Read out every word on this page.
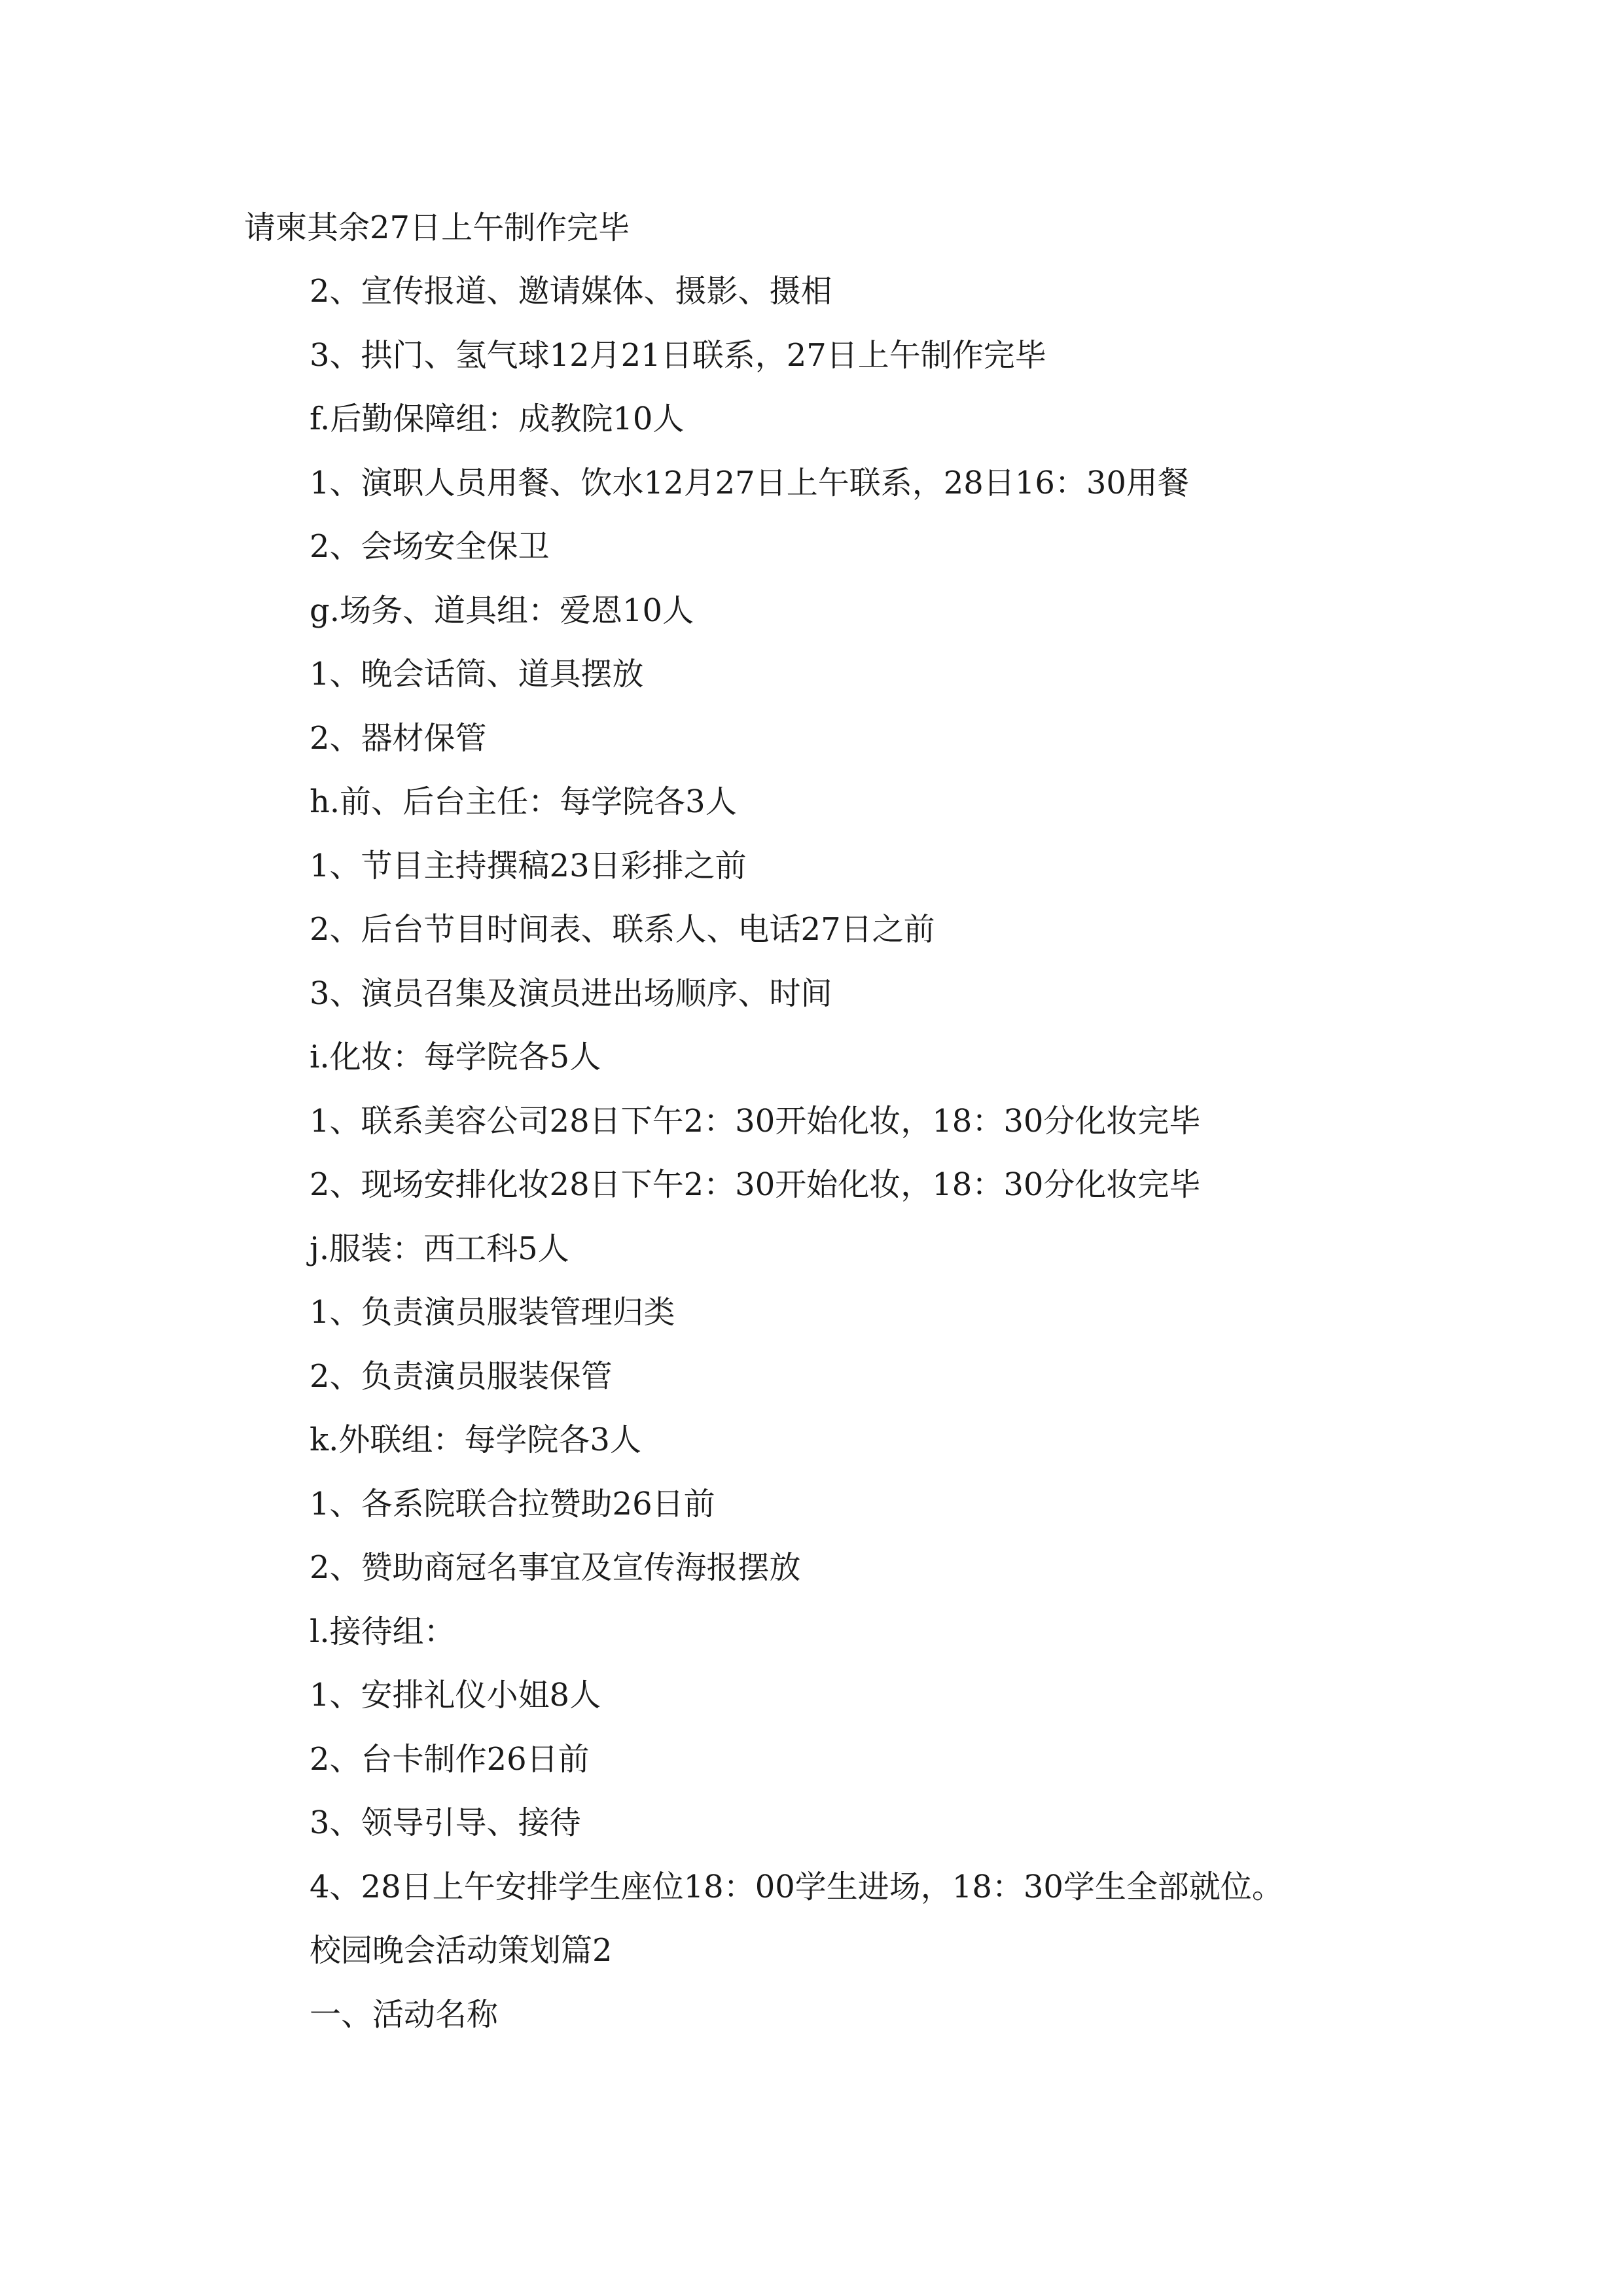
请柬其余27日上午制作完毕
2、宣传报道、邀请媒体、摄影、摄相
3、拱门、氢气球12月21日联系，27日上午制作完毕
f.后勤保障组：成教院10人
1、演职人员用餐、饮水12月27日上午联系，28日16：30用餐
2、会场安全保卫
g.场务、道具组：爱恩10人
1、晚会话筒、道具摆放
2、器材保管
h.前、后台主任：每学院各3人
1、节目主持撰稿23日彩排之前
2、后台节目时间表、联系人、电话27日之前
3、演员召集及演员进出场顺序、时间
i.化妆：每学院各5人
1、联系美容公司28日下午2：30开始化妆，18：30分化妆完毕
2、现场安排化妆28日下午2：30开始化妆，18：30分化妆完毕
j.服装：西工科5人
1、负责演员服装管理归类
2、负责演员服装保管
k.外联组：每学院各3人
1、各系院联合拉赞助26日前
2、赞助商冠名事宜及宣传海报摆放
l.接待组：
1、安排礼仪小姐8人
2、台卡制作26日前
3、领导引导、接待
4、28日上午安排学生座位18：00学生进场，18：30学生全部就位。
校园晚会活动策划篇2
一、活动名称
